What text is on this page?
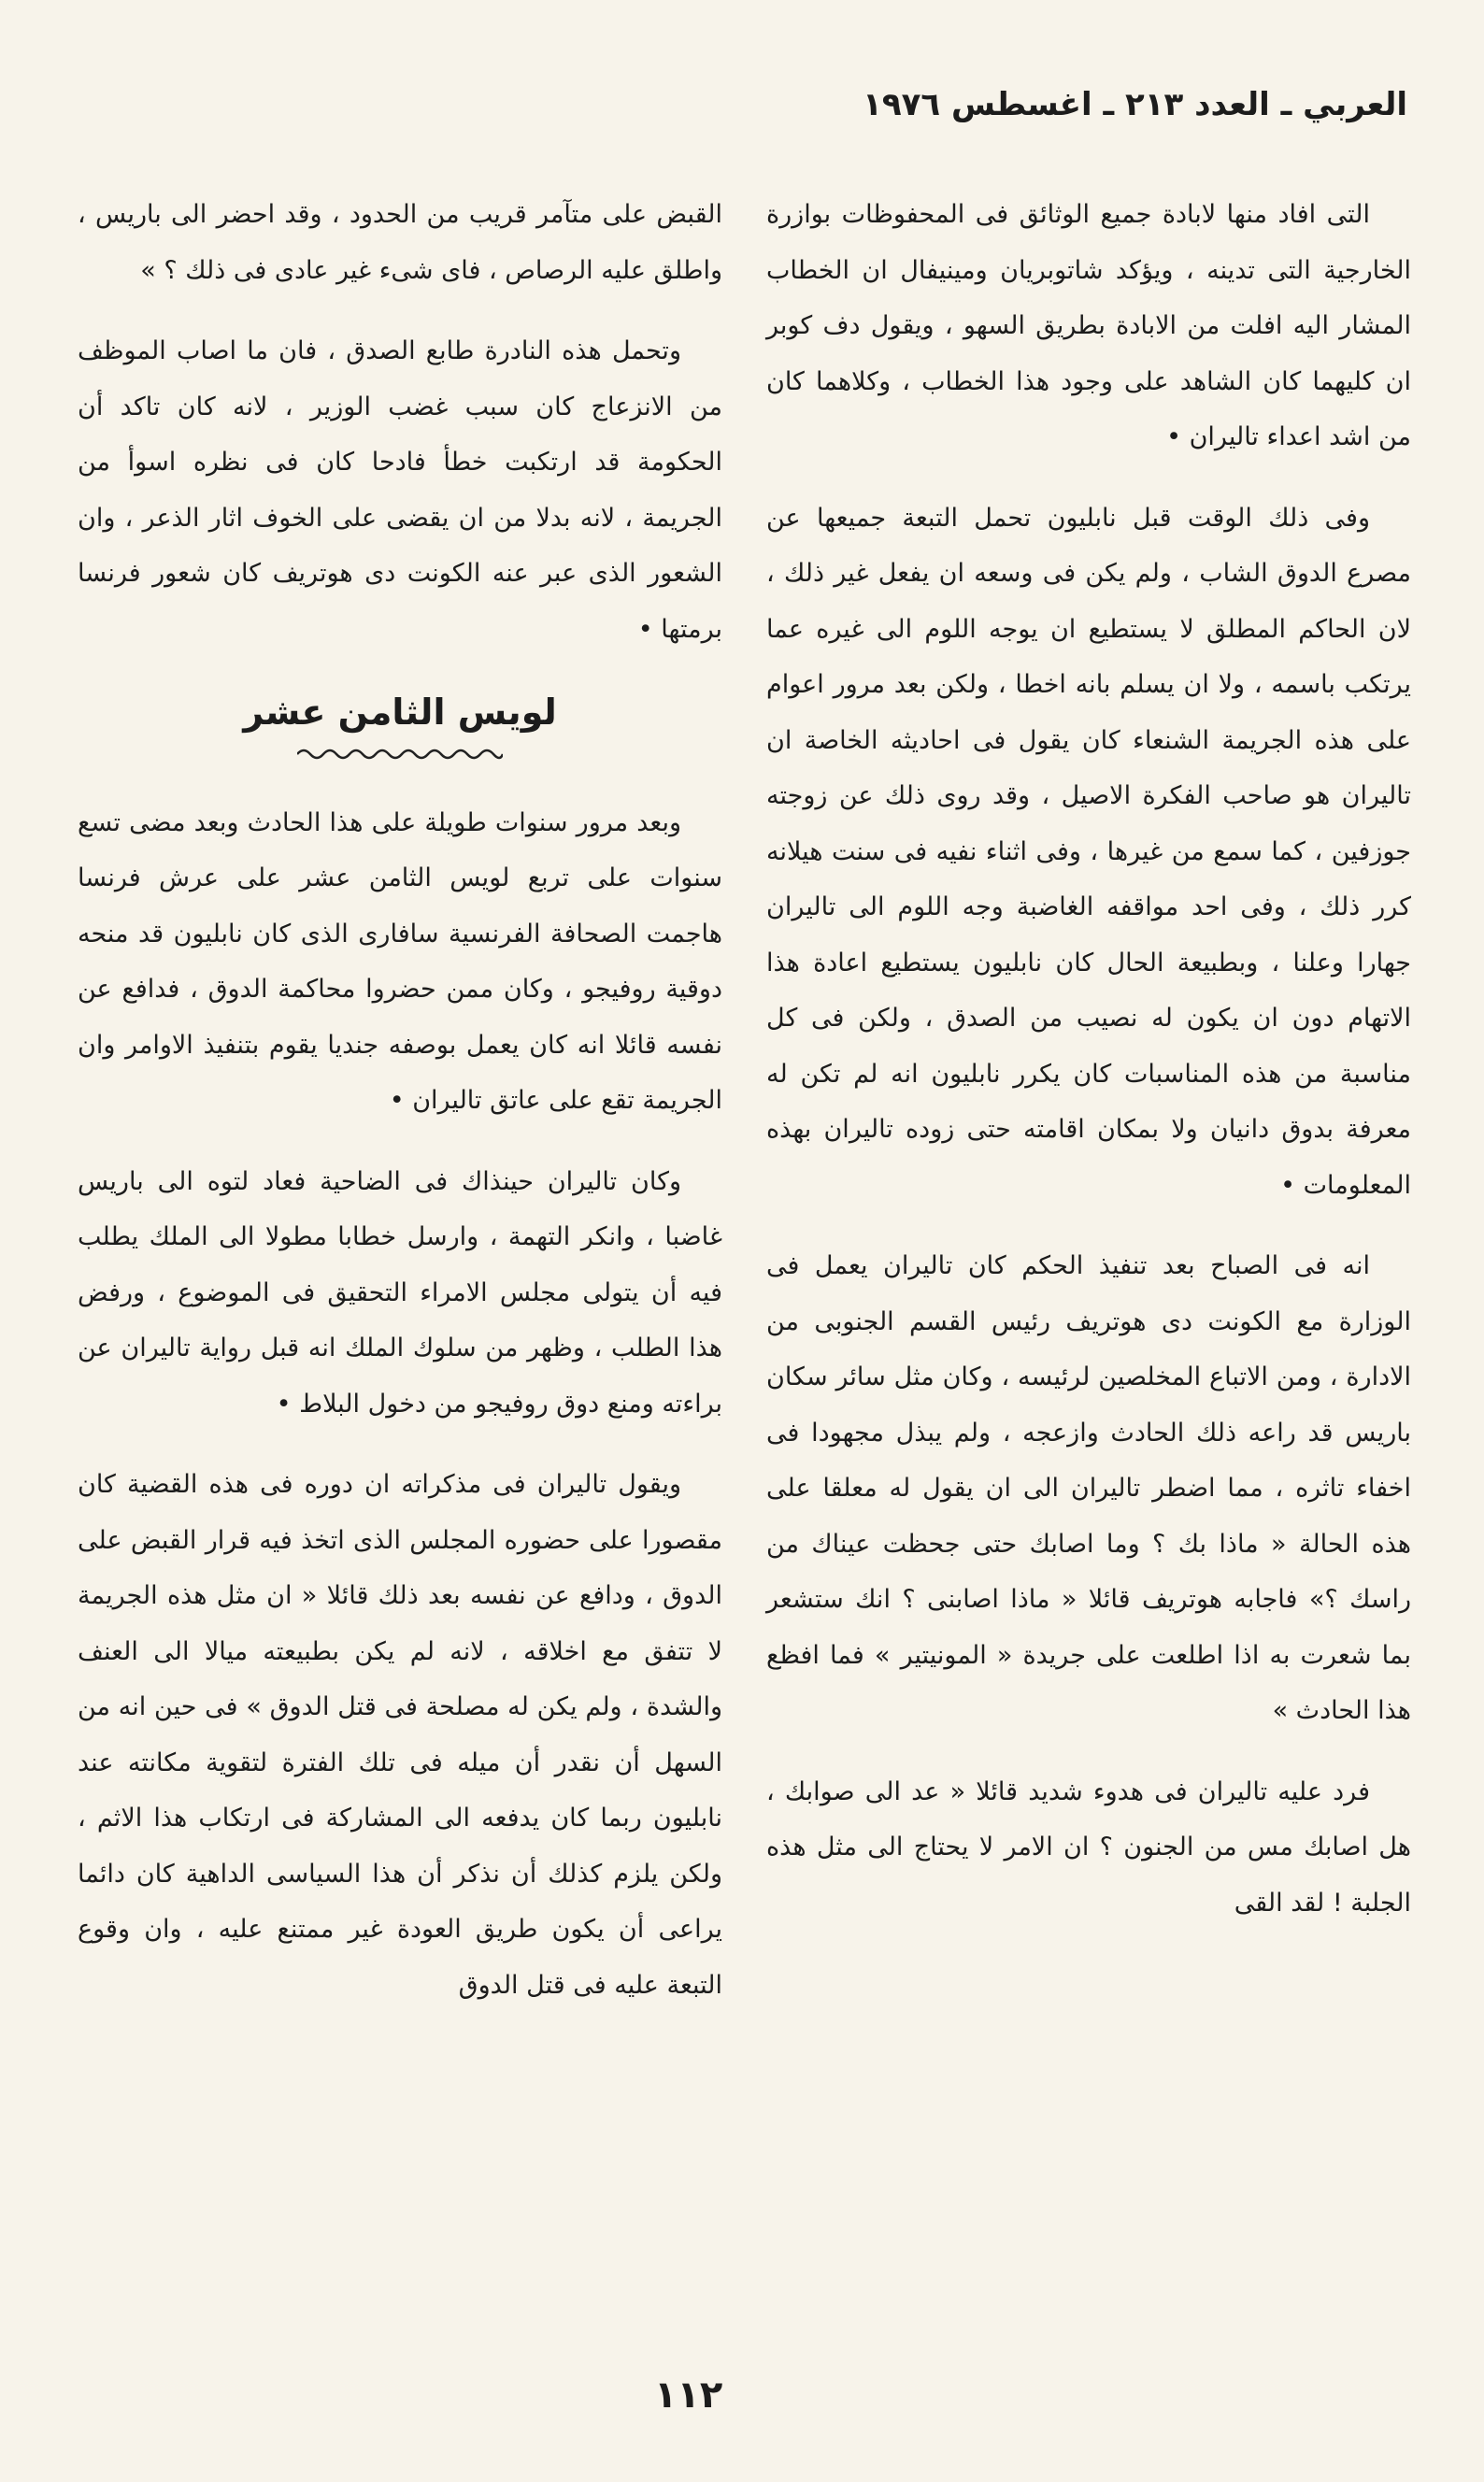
العربي ـ العدد ٢١٣ ـ اغسطس ١٩٧٦

التى افاد منها لابادة جميع الوثائق فى المحفوظات بوازرة الخارجية التى تدينه ، ويؤكد شاتوبريان ومينيفال ان الخطاب المشار اليه افلت من الابادة بطريق السهو ، ويقول دف كوبر ان كليهما كان الشاهد على وجود هذا الخطاب ، وكلاهما كان من اشد اعداء تاليران •

وفى ذلك الوقت قبل نابليون تحمل التبعة جميعها عن مصرع الدوق الشاب ، ولم يكن فى وسعه ان يفعل غير ذلك ، لان الحاكم المطلق لا يستطيع ان يوجه اللوم الى غيره عما يرتكب باسمه ، ولا ان يسلم بانه اخطا ، ولكن بعد مرور اعوام على هذه الجريمة الشنعاء كان يقول فى احاديثه الخاصة ان تاليران هو صاحب الفكرة الاصيل ، وقد روى ذلك عن زوجته جوزفين ، كما سمع من غيرها ، وفى اثناء نفيه فى سنت هيلانه كرر ذلك ، وفى احد مواقفه الغاضبة وجه اللوم الى تاليران جهارا وعلنا ، وبطبيعة الحال كان نابليون يستطيع اعادة هذا الاتهام دون ان يكون له نصيب من الصدق ، ولكن فى كل مناسبة من هذه المناسبات كان يكرر نابليون انه لم تكن له معرفة بدوق دانيان ولا بمكان اقامته حتى زوده تاليران بهذه المعلومات •

انه فى الصباح بعد تنفيذ الحكم كان تاليران يعمل فى الوزارة مع الكونت دى هوتريف رئيس القسم الجنوبى من الادارة ، ومن الاتباع المخلصين لرئيسه ، وكان مثل سائر سكان باريس قد راعه ذلك الحادث وازعجه ، ولم يبذل مجهودا فى اخفاء تاثره ، مما اضطر تاليران الى ان يقول له معلقا على هذه الحالة « ماذا بك ؟ وما اصابك حتى جحظت عيناك من راسك ؟» فاجابه هوتريف قائلا « ماذا اصابنى ؟ انك ستشعر بما شعرت به اذا اطلعت على جريدة « المونيتير » فما افظع هذا الحادث »

فرد عليه تاليران فى هدوء شديد قائلا « عد الى صوابك ، هل اصابك مس من الجنون ؟ ان الامر لا يحتاج الى مثل هذه الجلبة ! لقد القى

القبض على متآمر قريب من الحدود ، وقد احضر الى باريس ، واطلق عليه الرصاص ، فاى شىء غير عادى فى ذلك ؟ »

وتحمل هذه النادرة طابع الصدق ، فان ما اصاب الموظف من الانزعاج كان سبب غضب الوزير ، لانه كان تاكد أن الحكومة قد ارتكبت خطأ فادحا كان فى نظره اسوأ من الجريمة ، لانه بدلا من ان يقضى على الخوف اثار الذعر ، وان الشعور الذى عبر عنه الكونت دى هوتريف كان شعور فرنسا برمتها •

لويس الثامن عشر

وبعد مرور سنوات طويلة على هذا الحادث وبعد مضى تسع سنوات على تربع لويس الثامن عشر على عرش فرنسا هاجمت الصحافة الفرنسية سافارى الذى كان نابليون قد منحه دوقية روفيجو ، وكان ممن حضروا محاكمة الدوق ، فدافع عن نفسه قائلا انه كان يعمل بوصفه جنديا يقوم بتنفيذ الاوامر وان الجريمة تقع على عاتق تاليران •

وكان تاليران حينذاك فى الضاحية فعاد لتوه الى باريس غاضبا ، وانكر التهمة ، وارسل خطابا مطولا الى الملك يطلب فيه أن يتولى مجلس الامراء التحقيق فى الموضوع ، ورفض هذا الطلب ، وظهر من سلوك الملك انه قبل رواية تاليران عن براءته ومنع دوق روفيجو من دخول البلاط •

ويقول تاليران فى مذكراته ان دوره فى هذه القضية كان مقصورا على حضوره المجلس الذى اتخذ فيه قرار القبض على الدوق ، ودافع عن نفسه بعد ذلك قائلا « ان مثل هذه الجريمة لا تتفق مع اخلاقه ، لانه لم يكن بطبيعته ميالا الى العنف والشدة ، ولم يكن له مصلحة فى قتل الدوق » فى حين انه من السهل أن نقدر أن ميله فى تلك الفترة لتقوية مكانته عند نابليون ربما كان يدفعه الى المشاركة فى ارتكاب هذا الاثم ، ولكن يلزم كذلك أن نذكر أن هذا السياسى الداهية كان دائما يراعى أن يكون طريق العودة غير ممتنع عليه ، وان وقوع التبعة عليه فى قتل الدوق

١١٢
